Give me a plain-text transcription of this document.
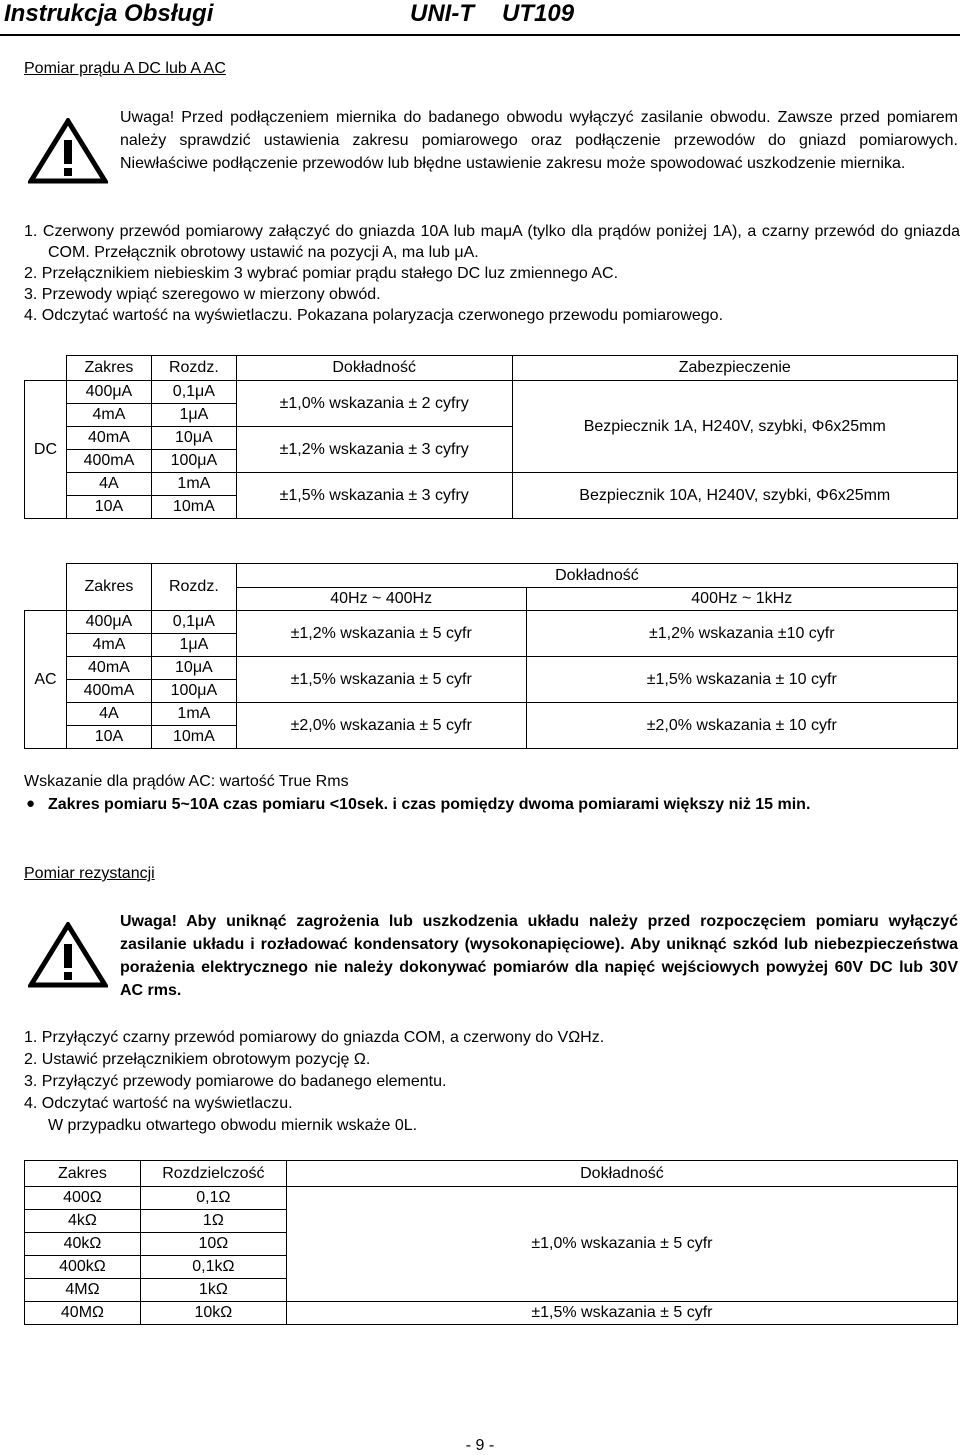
Instrukcja Obsługi	UNI-T UT109
Pomiar prądu A DC lub A AC
Uwaga! Przed podłączeniem miernika do badanego obwodu wyłączyć zasilanie obwodu. Zawsze przed pomiarem należy sprawdzić ustawienia zakresu pomiarowego oraz podłączenie przewodów do gniazd pomiarowych. Niewłaściwe podłączenie przewodów lub błędne ustawienie zakresu może spowodować uszkodzenie miernika.
1. Czerwony przewód pomiarowy załączyć do gniazda 10A lub maμA (tylko dla prądów poniżej 1A), a czarny przewód do gniazda COM. Przełącznik obrotowy ustawić na pozycji A, ma lub μA.
2. Przełącznikiem niebieskim 3 wybrać pomiar prądu stałego DC luz zmiennego AC.
3. Przewody wpiąć szeregowo w mierzony obwód.
4. Odczytać wartość na wyświetlaczu. Pokazana polaryzacja czerwonego przewodu pomiarowego.
	Zakres	Rozdz.	Dokładność	Zabezpieczenie
DC	400μA	0,1μA	±1,0% wskazania ± 2 cyfry	Bezpiecznik 1A, H240V, szybki, Φ6x25mm
	4mA	1μA		
	40mA	10μA	±1,2% wskazania ± 3 cyfry	
	400mA	100μA		
	4A	1mA	±1,5% wskazania ± 3 cyfry	Bezpiecznik 10A, H240V, szybki, Φ6x25mm
	10A	10mA		
	Zakres	Rozdz.	Dokładność	
			40Hz ~ 400Hz	400Hz ~ 1kHz
AC	400μA	0,1μA	±1,2% wskazania ± 5 cyfr	±1,2% wskazania ±10 cyfr
	4mA	1μA		
	40mA	10μA	±1,5% wskazania ± 5 cyfr	±1,5% wskazania ± 10 cyfr
	400mA	100μA		
	4A	1mA	±2,0% wskazania ± 5 cyfr	±2,0% wskazania ± 10 cyfr
	10A	10mA		
Wskazanie dla prądów AC: wartość True Rms
● Zakres pomiaru 5~10A czas pomiaru <10sek. i czas pomiędzy dwoma pomiarami większy niż 15 min.
Pomiar rezystancji
Uwaga! Aby uniknąć zagrożenia lub uszkodzenia układu należy przed rozpoczęciem pomiaru wyłączyć zasilanie układu i rozładować kondensatory (wysokonapięciowe). Aby uniknąć szkód lub niebezpieczeństwa porażenia elektrycznego nie należy dokonywać pomiarów dla napięć wejściowych powyżej 60V DC lub 30V AC rms.
1. Przyłączyć czarny przewód pomiarowy do gniazda COM, a czerwony do VΩHz.
2. Ustawić przełącznikiem obrotowym pozycję Ω.
3. Przyłączyć przewody pomiarowe do badanego elementu.
4. Odczytać wartość na wyświetlaczu.
W przypadku otwartego obwodu miernik wskaże 0L.
Zakres	Rozdzielczość	Dokładność
400Ω	0,1Ω	±1,0% wskazania ± 5 cyfr
4kΩ	1Ω	
40kΩ	10Ω	
400kΩ	0,1kΩ	
4MΩ	1kΩ	
40MΩ	10kΩ	±1,5% wskazania ± 5 cyfr
- 9 -
